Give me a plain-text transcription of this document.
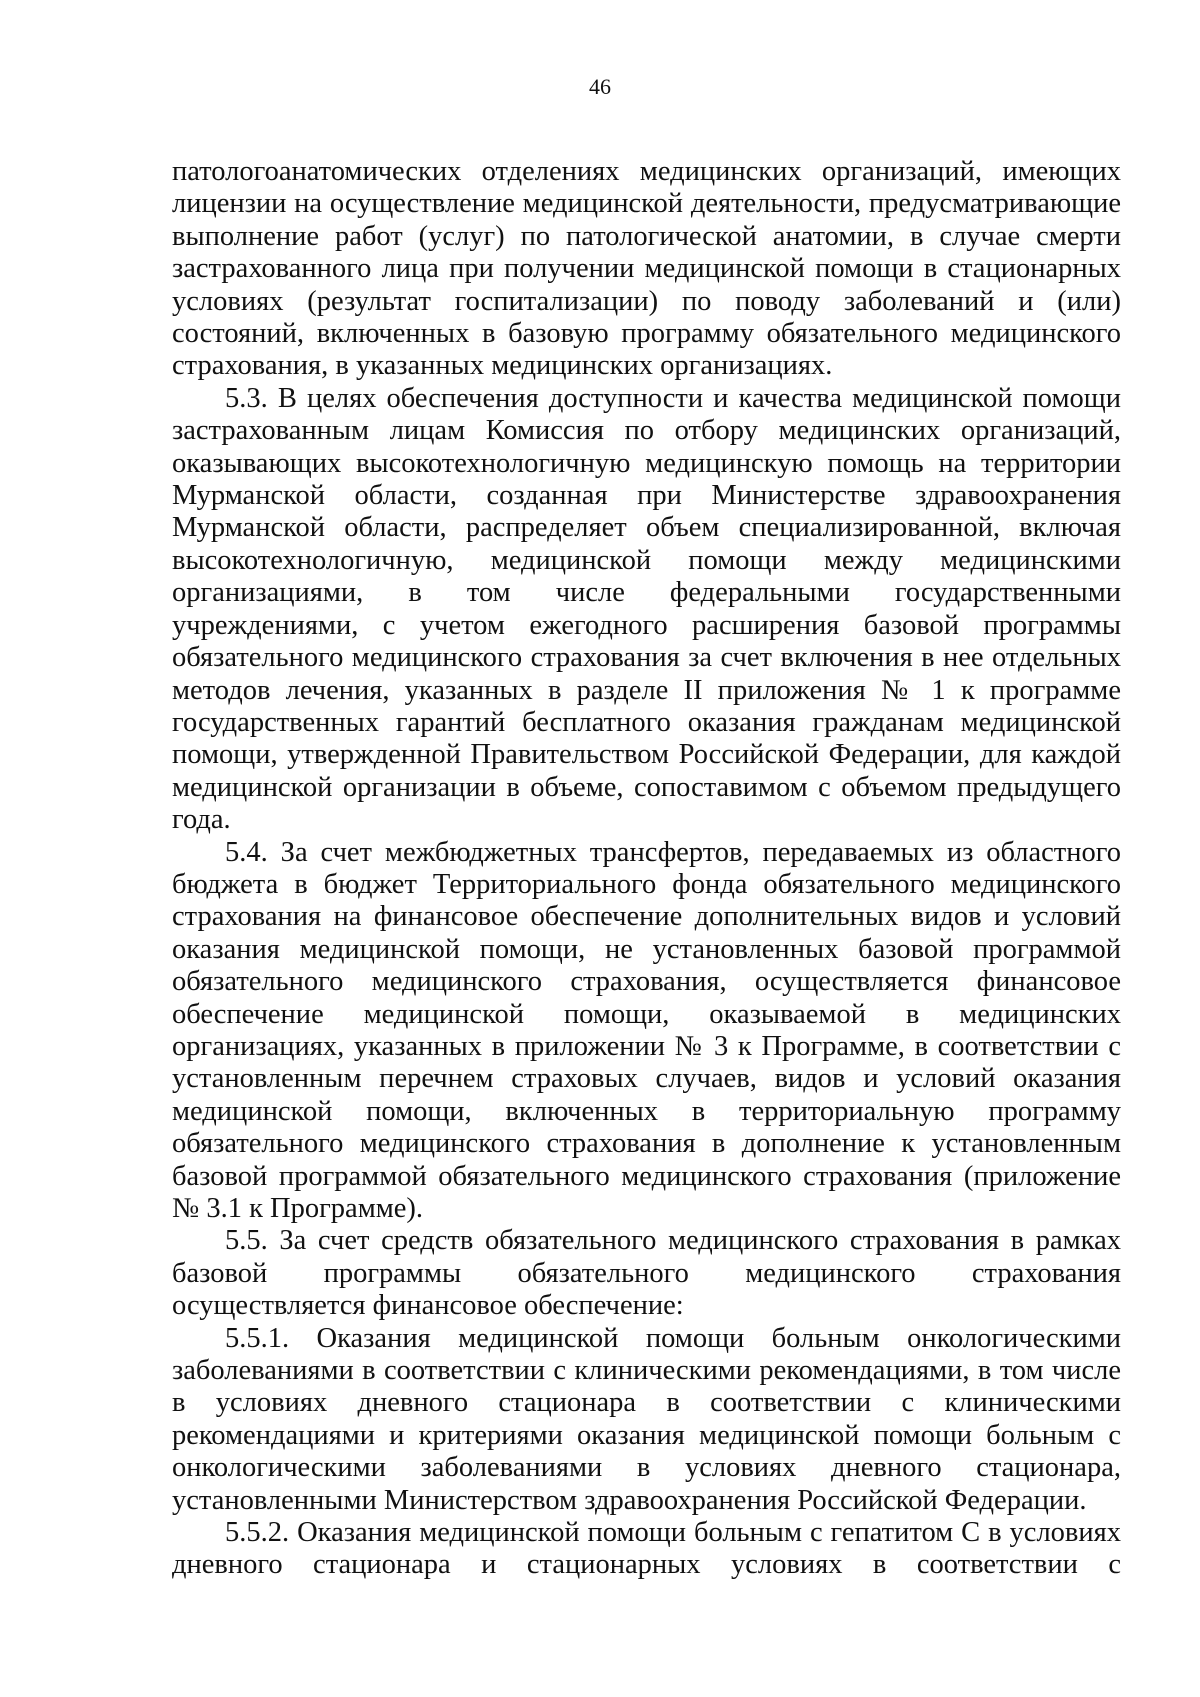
46

патологоанатомических отделениях медицинских организаций, имеющих лицензии на осуществление медицинской деятельности, предусматривающие выполнение работ (услуг) по патологической анатомии, в случае смерти застрахованного лица при получении медицинской помощи в стационарных условиях (результат госпитализации) по поводу заболеваний и (или) состояний, включенных в базовую программу обязательного медицинского страхования, в указанных медицинских организациях.

5.3. В целях обеспечения доступности и качества медицинской помощи застрахованным лицам Комиссия по отбору медицинских организаций, оказывающих высокотехнологичную медицинскую помощь на территории Мурманской области, созданная при Министерстве здравоохранения Мурманской области, распределяет объем специализированной, включая высокотехнологичную, медицинской помощи между медицинскими организациями, в том числе федеральными государственными учреждениями, с учетом ежегодного расширения базовой программы обязательного медицинского страхования за счет включения в нее отдельных методов лечения, указанных в разделе II приложения № 1 к программе государственных гарантий бесплатного оказания гражданам медицинской помощи, утвержденной Правительством Российской Федерации, для каждой медицинской организации в объеме, сопоставимом с объемом предыдущего года.

5.4. За счет межбюджетных трансфертов, передаваемых из областного бюджета в бюджет Территориального фонда обязательного медицинского страхования на финансовое обеспечение дополнительных видов и условий оказания медицинской помощи, не установленных базовой программой обязательного медицинского страхования, осуществляется финансовое обеспечение медицинской помощи, оказываемой в медицинских организациях, указанных в приложении № 3 к Программе, в соответствии с установленным перечнем страховых случаев, видов и условий оказания медицинской помощи, включенных в территориальную программу обязательного медицинского страхования в дополнение к установленным базовой программой обязательного медицинского страхования (приложение № 3.1 к Программе).

5.5. За счет средств обязательного медицинского страхования в рамках базовой программы обязательного медицинского страхования осуществляется финансовое обеспечение:

5.5.1. Оказания медицинской помощи больным онкологическими заболеваниями в соответствии с клиническими рекомендациями, в том числе в условиях дневного стационара в соответствии с клиническими рекомендациями и критериями оказания медицинской помощи больным с онкологическими заболеваниями в условиях дневного стационара, установленными Министерством здравоохранения Российской Федерации.

5.5.2. Оказания медицинской помощи больным с гепатитом С в условиях дневного стационара и стационарных условиях в соответствии с
